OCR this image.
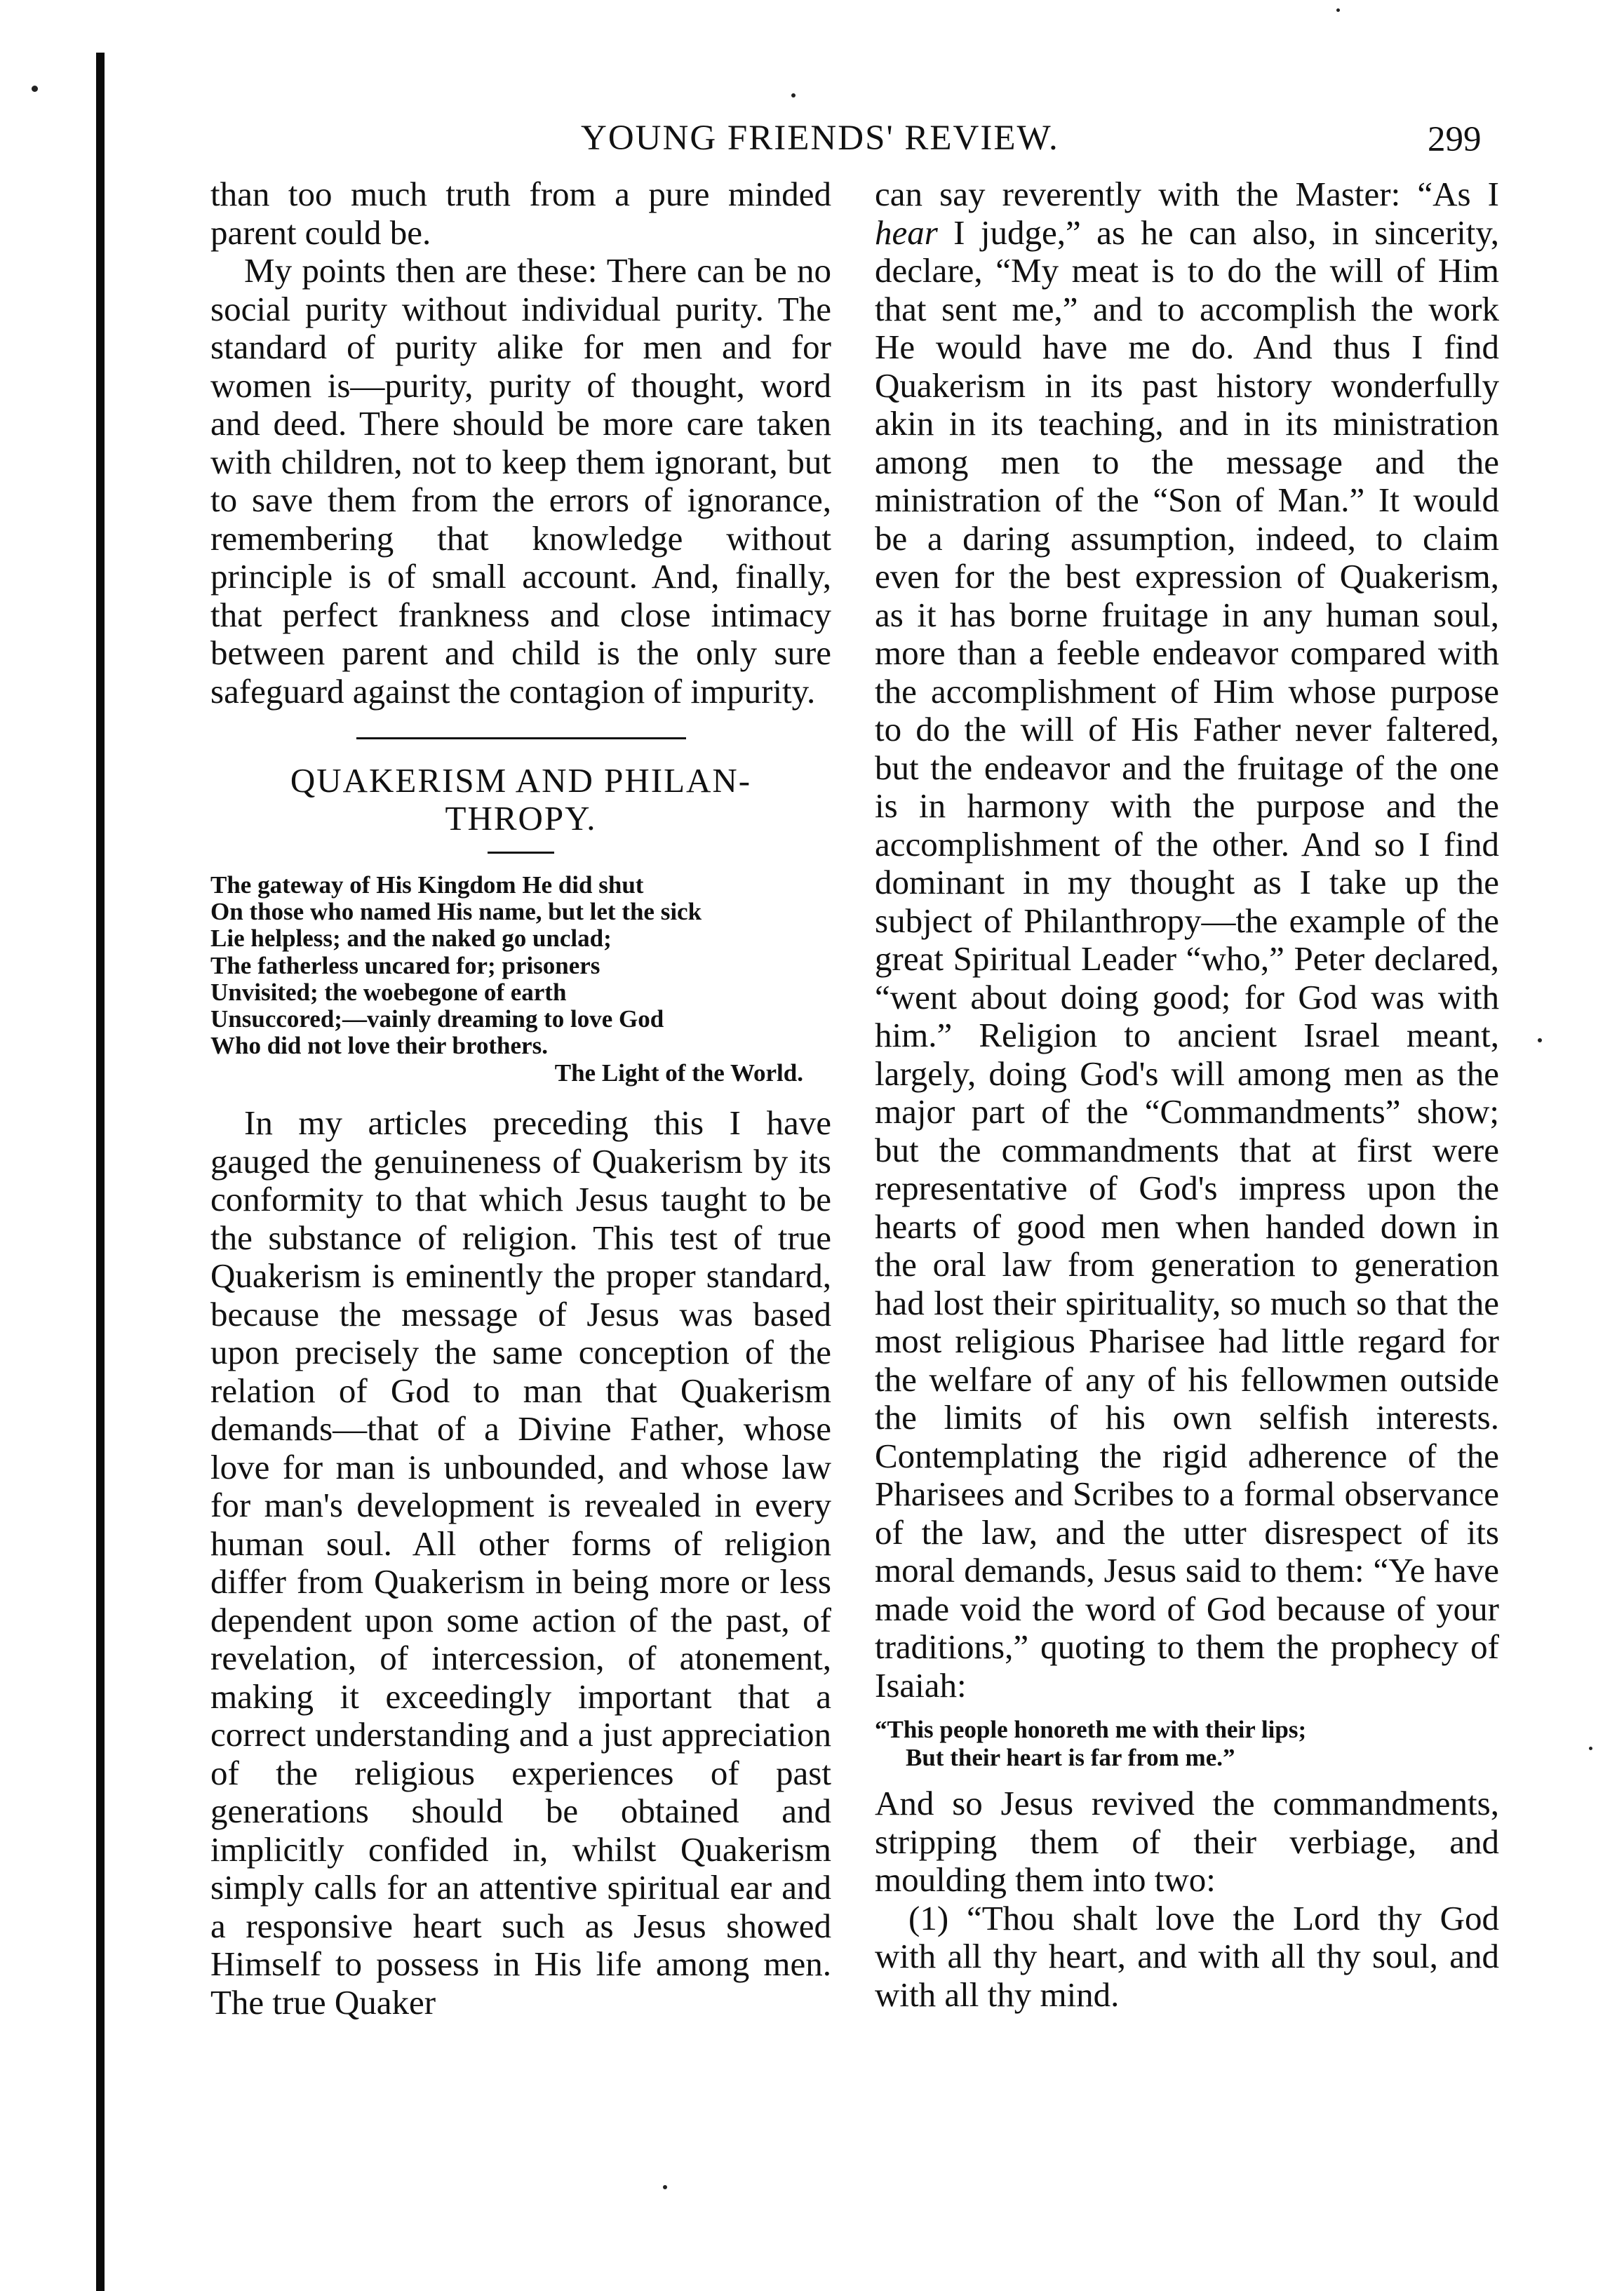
YOUNG FRIENDS' REVIEW.	299

than too much truth from a pure minded parent could be.

My points then are these: There can be no social purity without individual purity. The standard of purity alike for men and for women is—purity, purity of thought, word and deed. There should be more care taken with children, not to keep them ignorant, but to save them from the errors of ignorance, remembering that knowledge without principle is of small account. And, finally, that perfect frankness and close intimacy between parent and child is the only sure safeguard against the contagion of impurity.

QUAKERISM AND PHILAN-
THROPY.
The gateway of His Kingdom He did shut
On those who named His name, but let the sick
Lie helpless; and the naked go unclad;
The fatherless uncared for; prisoners
Unvisited; the woebegone of earth
Unsuccored;—vainly dreaming to love God
Who did not love their brothers.
The Light of the World.

In my articles preceding this I have gauged the genuineness of Quakerism by its conformity to that which Jesus taught to be the substance of religion. This test of true Quakerism is eminently the proper standard, because the message of Jesus was based upon precisely the same conception of the relation of God to man that Quakerism demands—that of a Divine Father, whose love for man is unbounded, and whose law for man's development is revealed in every human soul. All other forms of religion differ from Quakerism in being more or less dependent upon some action of the past, of revelation, of intercession, of atonement, making it exceedingly important that a correct understanding and a just appreciation of the religious experiences of past generations should be obtained and implicitly confided in, whilst Quakerism simply calls for an attentive spiritual ear and a responsive heart such as Jesus showed Himself to possess in His life among men. The true Quaker

can say reverently with the Master: “As I hear I judge,” as he can also, in sincerity, declare, “My meat is to do the will of Him that sent me,” and to accomplish the work He would have me do. And thus I find Quakerism in its past history wonderfully akin in its teaching, and in its ministration among men to the message and the ministration of the “Son of Man.” It would be a daring assumption, indeed, to claim even for the best expression of Quakerism, as it has borne fruitage in any human soul, more than a feeble endeavor compared with the accomplishment of Him whose purpose to do the will of His Father never faltered, but the endeavor and the fruitage of the one is in harmony with the purpose and the accomplishment of the other. And so I find dominant in my thought as I take up the subject of Philanthropy—the example of the great Spiritual Leader “who,” Peter declared, “went about doing good; for God was with him.” Religion to ancient Israel meant, largely, doing God's will among men as the major part of the “Commandments” show; but the commandments that at first were representative of God's impress upon the hearts of good men when handed down in the oral law from generation to generation had lost their spirituality, so much so that the most religious Pharisee had little regard for the welfare of any of his fellowmen outside the limits of his own selfish interests. Contemplating the rigid adherence of the Pharisees and Scribes to a formal observance of the law, and the utter disrespect of its moral demands, Jesus said to them: “Ye have made void the word of God because of your traditions,” quoting to them the prophecy of Isaiah:

“This people honoreth me with their lips;
But their heart is far from me.”

And so Jesus revived the commandments, stripping them of their verbiage, and moulding them into two:

(1) “Thou shalt love the Lord thy God with all thy heart, and with all thy soul, and with all thy mind.
